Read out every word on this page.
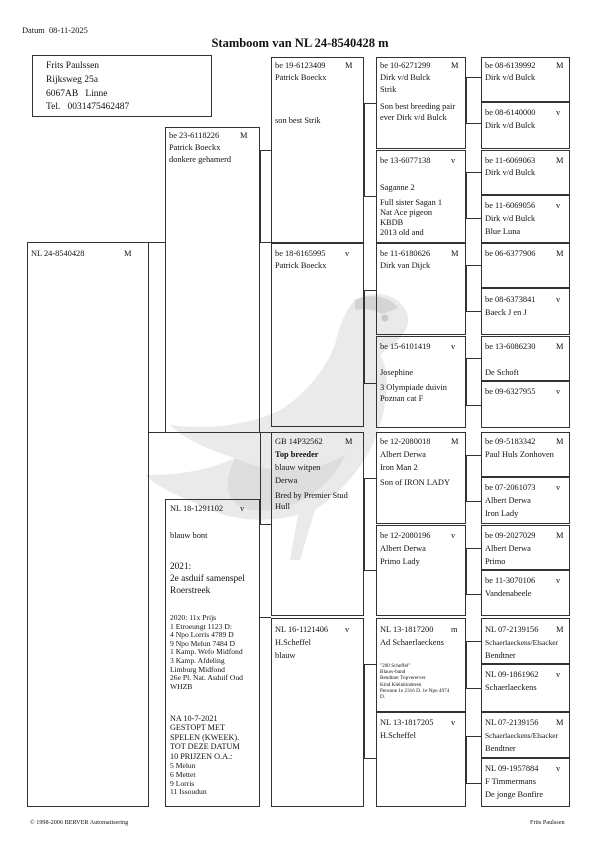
Datum 08-11-2025
Stamboom van NL 24-8540428 m
Frits Paulssen
Rijksweg 25a
6067AB Linne
Tel. 0031475462487
NL 24-8540428	M
be 23-6118226 M
Patrick Boeckx
donkere gehamerd
NL 18-1291102 v
blauw bont
2021:
2e asduif samenspel
Roerstreek
2020: 11x Prijs
1 Etroeungt 1123 D:
4 Npo Lorris 4789 D
9 Npo Melun 7484 D
1 Kamp. Wefo Midfond
3 Kamp. Afdeling
Limburg Midfond
26e Pl. Nat. Asduif Oud
WHZB
NA 10-7-2021
GESTOPT MET
SPELEN (KWEEK).
TOT DEZE DATUM
10 PRIJZEN O.A.:
5 Melun
6 Mettet
9 Lorris
11 Issoudun
be 19-6123409 M
Patrick Boeckx
son best Strik
be 18-6165995 v
Patrick Boeckx
GB 14P32562	M
Top breeder
blauw witpen
Derwa
Bred by Premier Stud
Hull
NL 16-1121406 v
H.Scheffel
blauw
be 10-6271299 M
Dirk v/d Bulck
Strik
Son best breeding pair
ever Dirk v/d Bulck
be 13-6077138 v
Saganne 2
Full sister Sagan 1
Nat Ace pigeon
KBDB
2013 old and
be 11-6180626 M
Dirk van Dijck
be 15-6101419 v
Josephine
3 Olympiade duivin
Poznan cat F
be 12-2080018 M
Albert Derwa
Iron Man 2
Son of IRON LADY
be 12-2080196 v
Albert Derwa
Primo Lady
NL 13-1817200 m
Ad Schaerlaeckens
"200 Scheffel"
Blauw-band
Bendtner Topvererver
Kind Kleinkinderen
Peronne 1e 2316 D. 1e Npo 4974
D.
NL 13-1817205 v
H.Scheffel
be 08-6139992 M
Dirk v/d Bulck
be 08-6140000 v
Dirk v/d Bulck
be 11-6069063 M
Dirk v/d Bulck
be 11-6069056 v
Dirk v/d Bulck
Blue Luna
be 06-6377906 M
be 08-6373841 v
Baeck J en J
be 13-6086230 M
De Schoft
be 09-6327955 v
be 09-5183342 M
Paul Huls Zonhoven
be 07-2061073 v
Albert Derwa
Iron Lady
be 09-2027029 M
Albert Derwa
Primo
be 11-3070106 v
Vandenabeele
NL 07-2139156 M
Schaerlaeckens/Elsacker
Bendtner
NL 09-1861962 v
Schaerlaeckens
NL 07-2139156 M
Schaerlaeckens/Elsacker
Bendtner
NL 09-1957884 v
F Timmermans
De jonge Bonfire
© 1998-2006 BERVER Automatisering	Frits Paulssen
